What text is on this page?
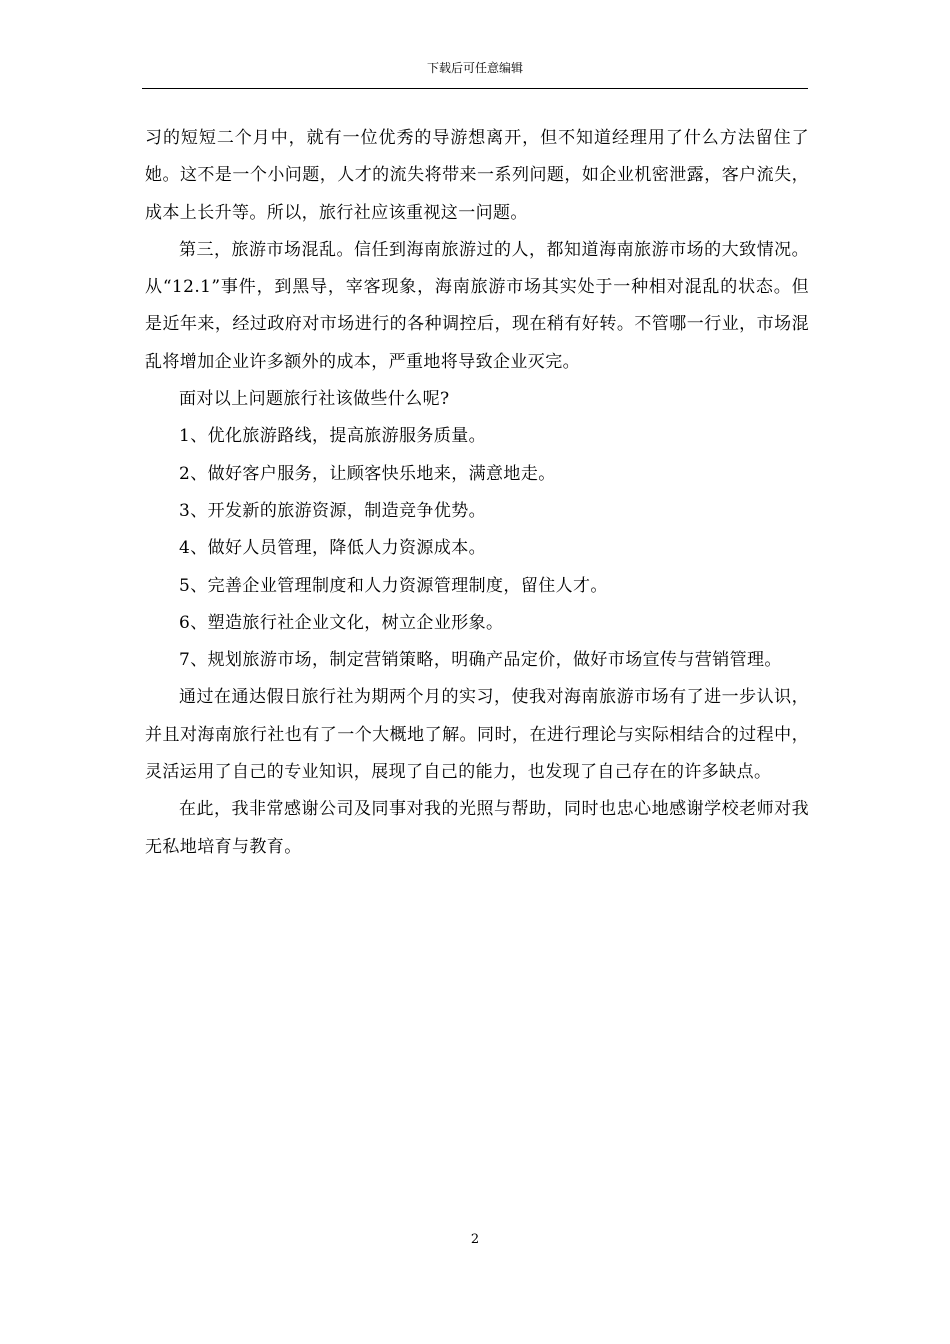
下载后可任意编辑

习的短短二个月中，就有一位优秀的导游想离开，但不知道经理用了什么方法留住了她。这不是一个小问题，人才的流失将带来一系列问题，如企业机密泄露，客户流失，成本上长升等。所以，旅行社应该重视这一问题。

第三，旅游市场混乱。信任到海南旅游过的人，都知道海南旅游市场的大致情况。从“12.1”事件，到黑导，宰客现象，海南旅游市场其实处于一种相对混乱的状态。但是近年来，经过政府对市场进行的各种调控后，现在稍有好转。不管哪一行业，市场混乱将增加企业许多额外的成本，严重地将导致企业灭完。

面对以上问题旅行社该做些什么呢?

1、优化旅游路线，提高旅游服务质量。

2、做好客户服务，让顾客快乐地来，满意地走。

3、开发新的旅游资源，制造竞争优势。

4、做好人员管理，降低人力资源成本。

5、完善企业管理制度和人力资源管理制度，留住人才。

6、塑造旅行社企业文化，树立企业形象。

7、规划旅游市场，制定营销策略，明确产品定价，做好市场宣传与营销管理。

通过在通达假日旅行社为期两个月的实习，使我对海南旅游市场有了进一步认识，并且对海南旅行社也有了一个大概地了解。同时，在进行理论与实际相结合的过程中，灵活运用了自己的专业知识，展现了自己的能力，也发现了自己存在的许多缺点。

在此，我非常感谢公司及同事对我的光照与帮助，同时也忠心地感谢学校老师对我无私地培育与教育。

2
